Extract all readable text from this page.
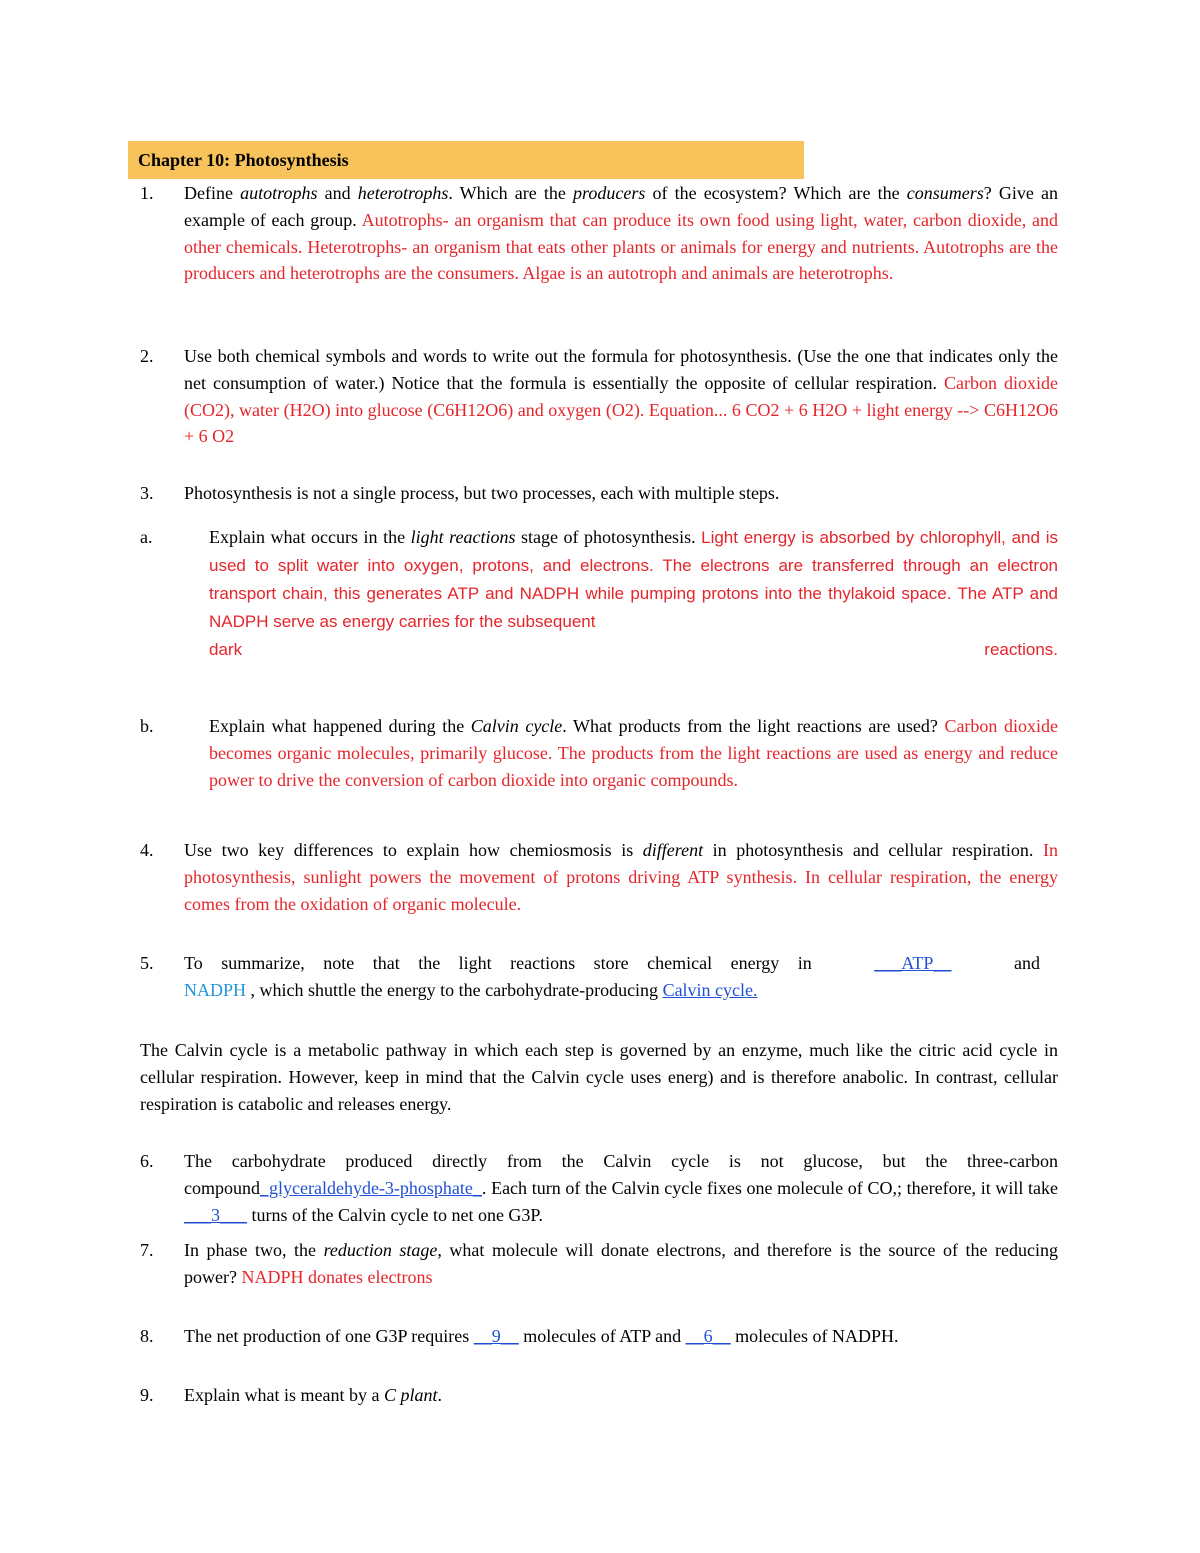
Chapter 10: Photosynthesis
1. Define autotrophs and heterotrophs. Which are the producers of the ecosystem? Which are the consumers? Give an example of each group. Autotrophs- an organism that can produce its own food using light, water, carbon dioxide, and other chemicals. Heterotrophs- an organism that eats other plants or animals for energy and nutrients. Autotrophs are the producers and heterotrophs are the consumers. Algae is an autotroph and animals are heterotrophs.
2. Use both chemical symbols and words to write out the formula for photosynthesis. (Use the one that indicates only the net consumption of water.) Notice that the formula is essentially the opposite of cellular respiration. Carbon dioxide (CO2), water (H2O) into glucose (C6H12O6) and oxygen (O2). Equation... 6 CO2 + 6 H2O + light energy --> C6H12O6 + 6 O2
3. Photosynthesis is not a single process, but two processes, each with multiple steps.
a.	Explain what occurs in the light reactions stage of photosynthesis. Light energy is absorbed by chlorophyll, and is used to split water into oxygen, protons, and electrons. The electrons are transferred through an electron transport chain, this generates ATP and NADPH while pumping protons into the thylakoid space. The ATP and NADPH serve as energy carries for the subsequent
dark	reactions.
b.	Explain what happened during the Calvin cycle. What products from the light reactions are used? Carbon dioxide becomes organic molecules, primarily glucose. The products from the light reactions are used as energy and reduce power to drive the conversion of carbon dioxide into organic compounds.
4. Use two key differences to explain how chemiosmosis is different in photosynthesis and cellular respiration. In photosynthesis, sunlight powers the movement of protons driving ATP synthesis. In cellular respiration, the energy comes from the oxidation of organic molecule.
5. To summarize, note that the light reactions store chemical energy in	___ATP__	and
NADPH , which shuttle the energy to the carbohydrate-producing Calvin cycle.
The Calvin cycle is a metabolic pathway in which each step is governed by an enzyme, much like the citric acid cycle in cellular respiration. However, keep in mind that the Calvin cycle uses energ) and is therefore anabolic. In contrast, cellular respiration is catabolic and releases energy.
6. The carbohydrate produced directly from the Calvin cycle is not glucose, but the three-carbon compound_glyceraldehyde-3-phosphate_. Each turn of the Calvin cycle fixes one molecule of CO,; therefore, it will take ___3___ turns of the Calvin cycle to net one G3P.
7. In phase two, the reduction stage, what molecule will donate electrons, and therefore is the source of the reducing power? NADPH donates electrons
8. The net production of one G3P requires __9__ molecules of ATP and __6__ molecules of NADPH.
9. Explain what is meant by a C plant.
